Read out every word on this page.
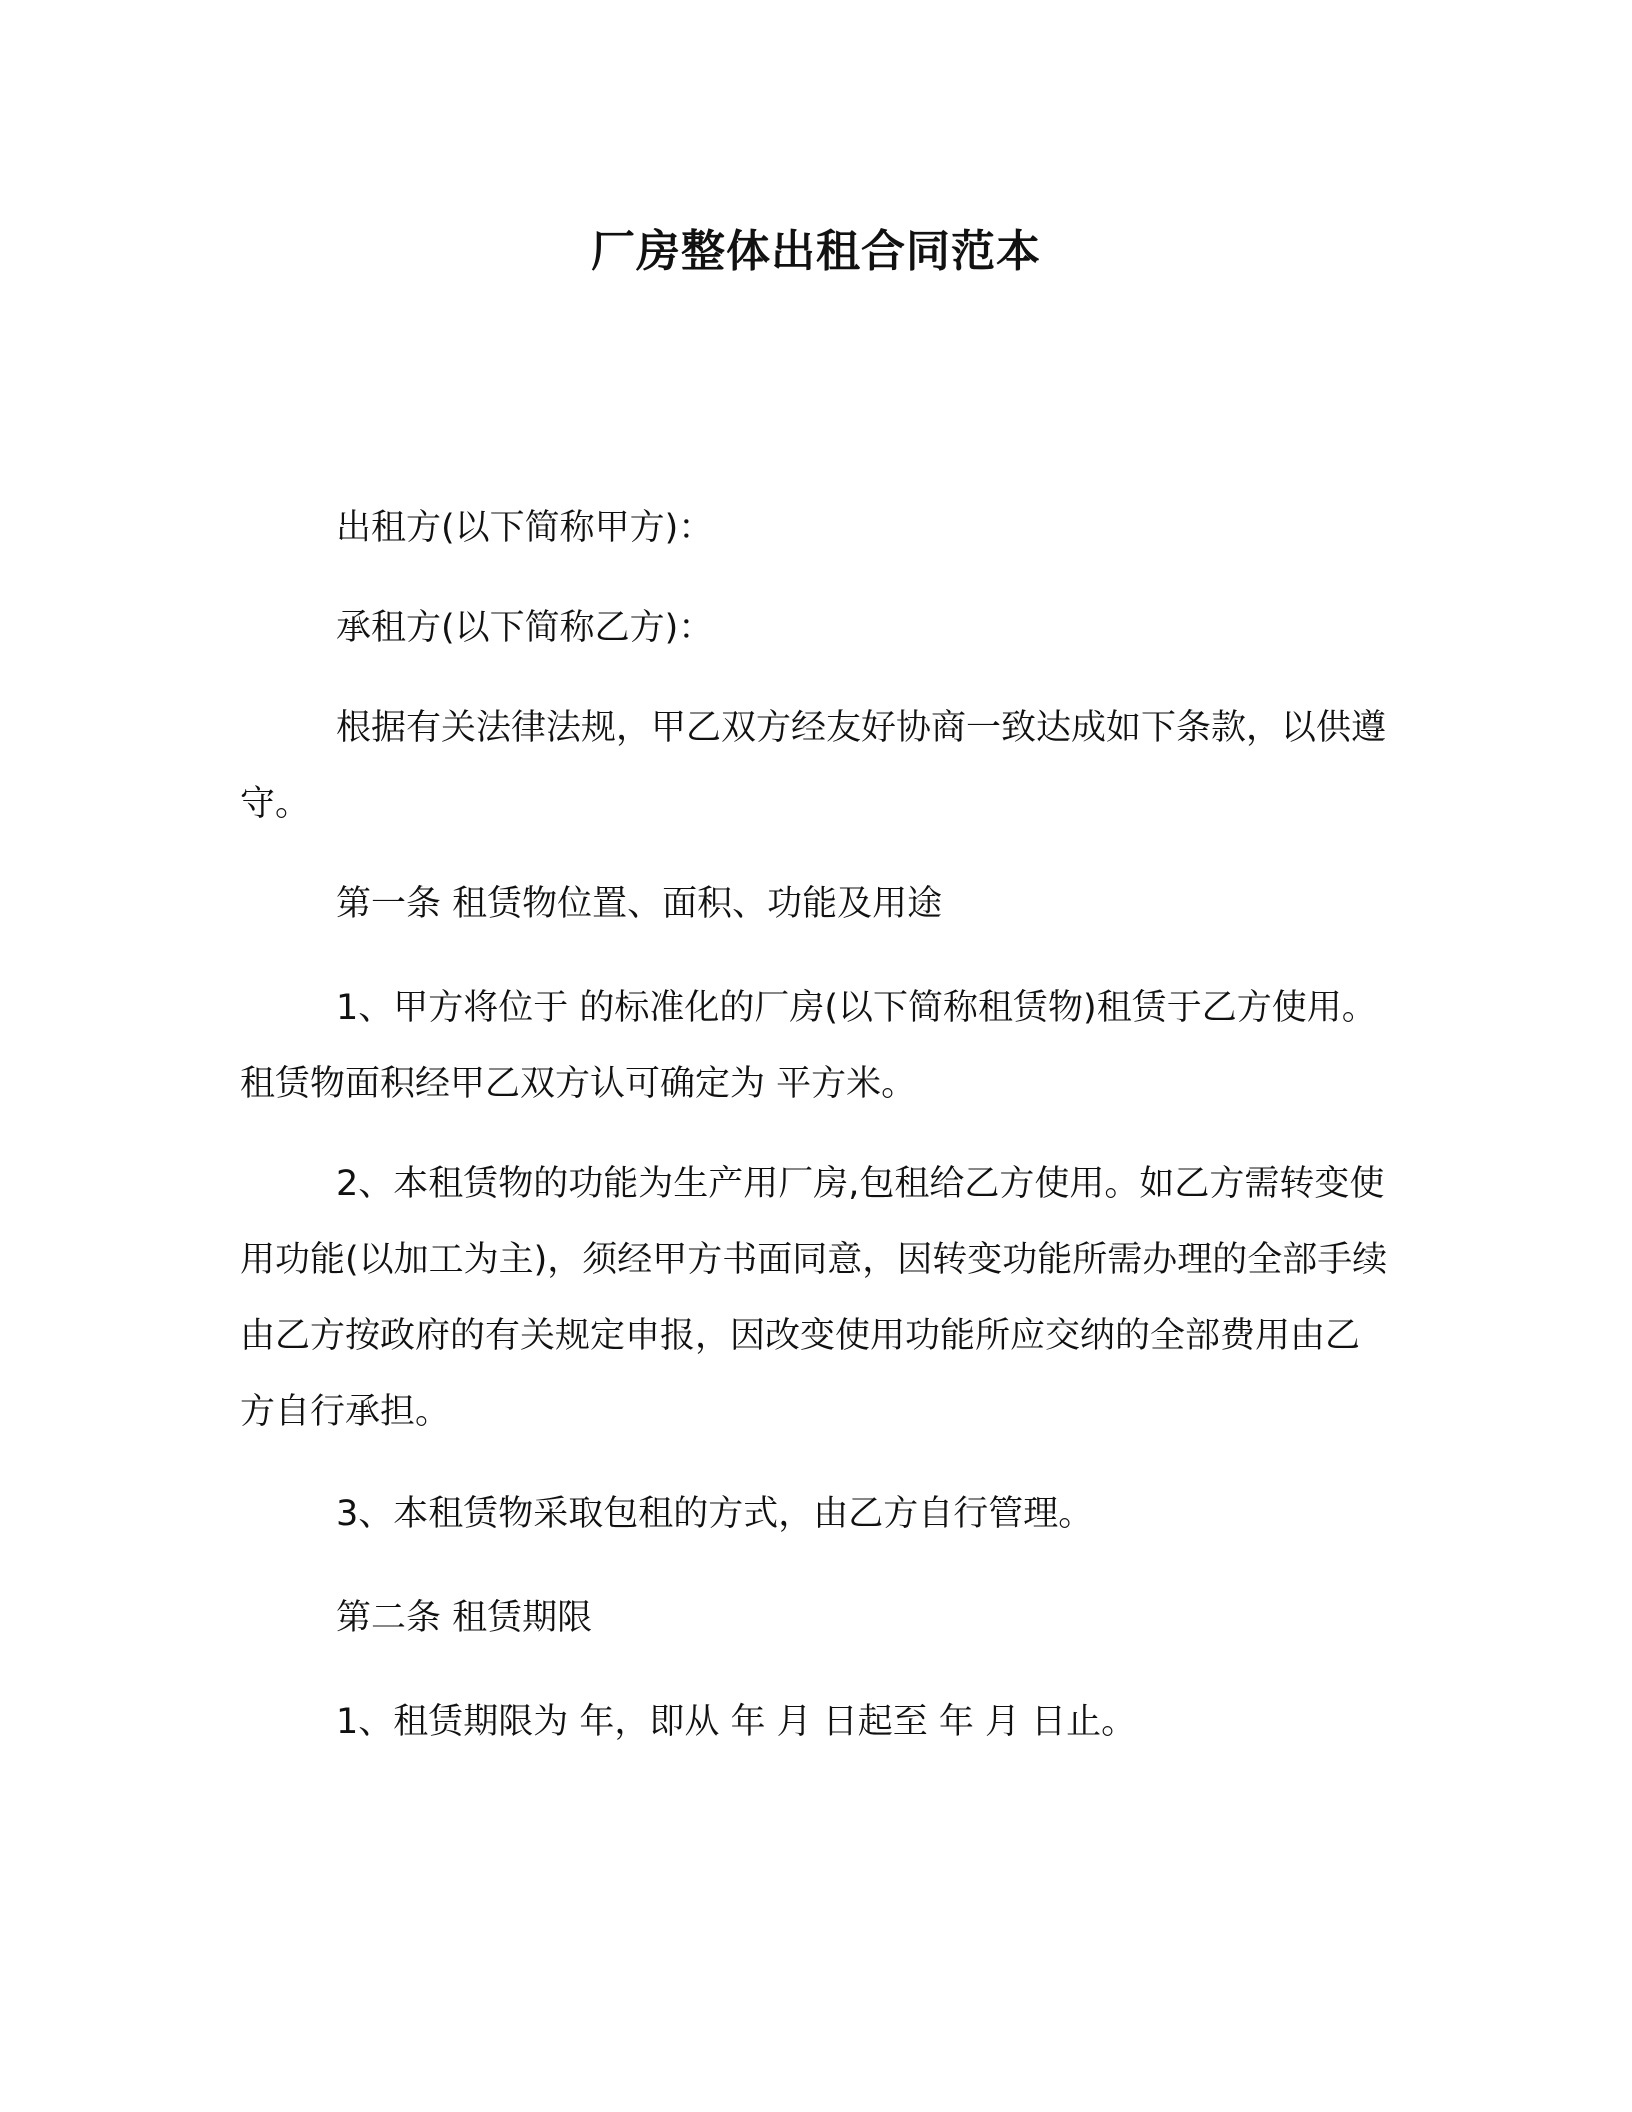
厂房整体出租合同范本

出租方(以下简称甲方)：

承租方(以下简称乙方)：

根据有关法律法规，甲乙双方经友好协商一致达成如下条款，以供遵守。

第一条 租赁物位置、面积、功能及用途

1、甲方将位于 的标准化的厂房(以下简称租赁物)租赁于乙方使用。租赁物面积经甲乙双方认可确定为 平方米。

2、本租赁物的功能为生产用厂房,包租给乙方使用。如乙方需转变使用功能(以加工为主)，须经甲方书面同意，因转变功能所需办理的全部手续由乙方按政府的有关规定申报，因改变使用功能所应交纳的全部费用由乙方自行承担。

3、本租赁物采取包租的方式，由乙方自行管理。

第二条 租赁期限

1、租赁期限为 年，即从 年 月 日起至 年 月 日止。
